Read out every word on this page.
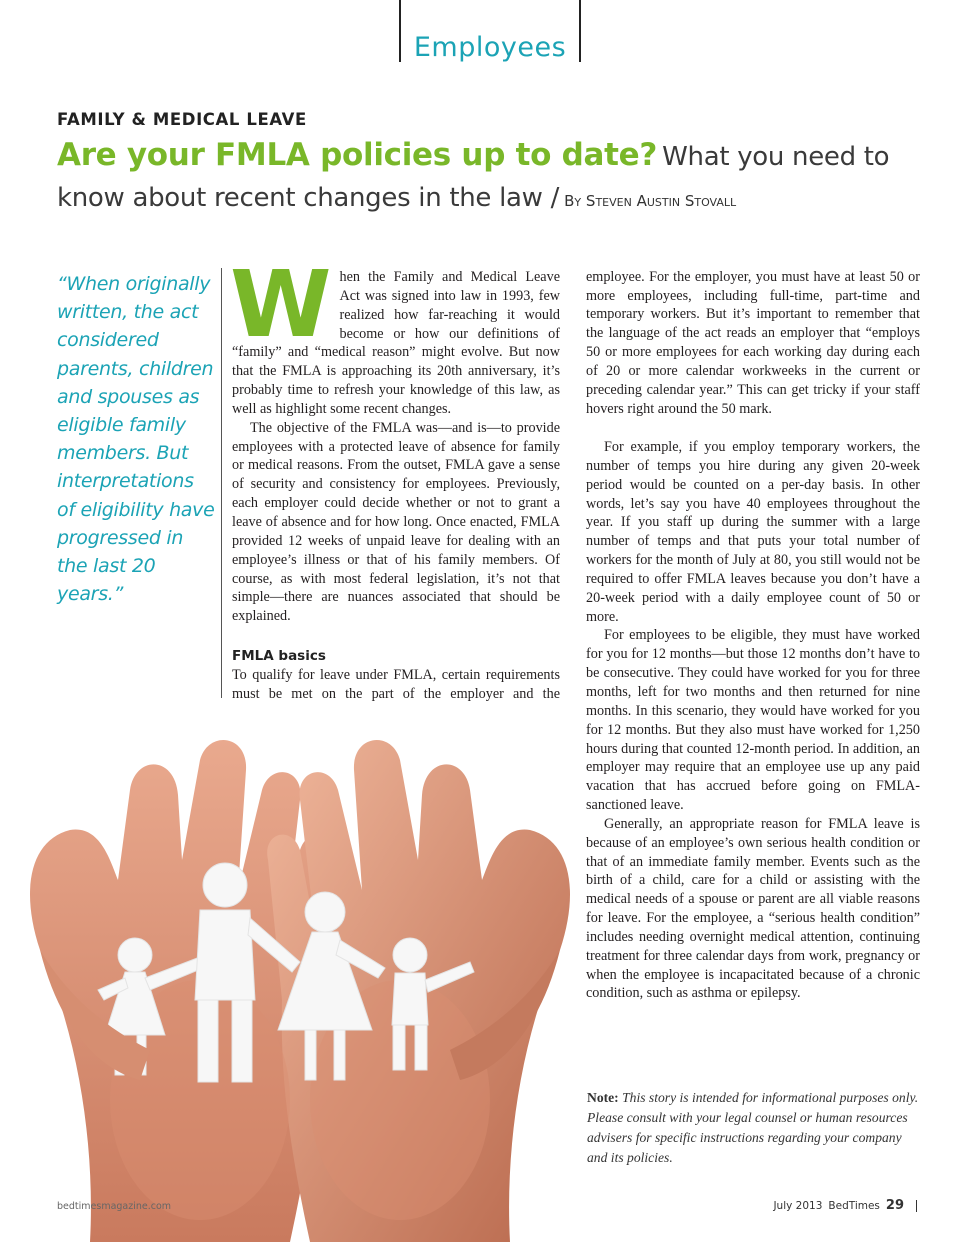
Employees
FAMILY & MEDICAL LEAVE
Are your FMLA policies up to date? What you need to know about recent changes in the law / By Steven Austin Stovall
“When originally written, the act considered parents, children and spouses as eligible family members. But interpretations of eligibility have progressed in the last 20 years.”

When the Family and Medical Leave Act was signed into law in 1993, few realized how far-reaching it would become or how our definitions of “family” and “medical reason” might evolve. But now that the FMLA is approaching its 20th anniversary, it’s probably time to refresh your knowledge of this law, as well as highlight some recent changes.

The objective of the FMLA was—and is—to provide employees with a protected leave of absence for family or medical reasons. From the outset, FMLA gave a sense of security and consistency for employees. Previously, each employer could decide whether or not to grant a leave of absence and for how long. Once enacted, FMLA provided 12 weeks of unpaid leave for dealing with an employee’s illness or that of his family members. Of course, as with most federal legislation, it’s not that simple—there are nuances associated that should be explained.

FMLA basics

To qualify for leave under FMLA, certain requirements must be met on the part of the employer and the

employee. For the employer, you must have at least 50 or more employees, including full-time, part-time and temporary workers. But it’s important to remember that the language of the act reads an employer that “employs 50 or more employees for each working day during each of 20 or more calendar workweeks in the current or preceding calendar year.” This can get tricky if your staff hovers right around the 50 mark.

For example, if you employ temporary workers, the number of temps you hire during any given 20-week period would be counted on a per-day basis. In other words, let’s say you have 40 employees throughout the year. If you staff up during the summer with a large number of temps and that puts your total number of workers for the month of July at 80, you still would not be required to offer FMLA leaves because you don’t have a 20-week period with a daily employee count of 50 or more.

For employees to be eligible, they must have worked for you for 12 months—but those 12 months don’t have to be consecutive. They could have worked for you for three months, left for two months and then returned for nine months. In this scenario, they would have worked for you for 12 months. But they also must have worked for 1,250 hours during that counted 12-month period. In addition, an employer may require that an employee use up any paid vacation that has accrued before going on FMLA-sanctioned leave.

Generally, an appropriate reason for FMLA leave is because of an employee’s own serious health condition or that of an immediate family member. Events such as the birth of a child, care for a child or assisting with the medical needs of a spouse or parent are all viable reasons for leave. For the employee, a “serious health condition” includes needing overnight medical attention, continuing treatment for three calendar days from work, pregnancy or when the employee is incapacitated because of a chronic condition, such as asthma or epilepsy.

Note: This story is intended for informational purposes only. Please consult with your legal counsel or human resources advisers for specific instructions regarding your company and its policies.
bedtimesmagazine.com	July 2013 BedTimes 29
